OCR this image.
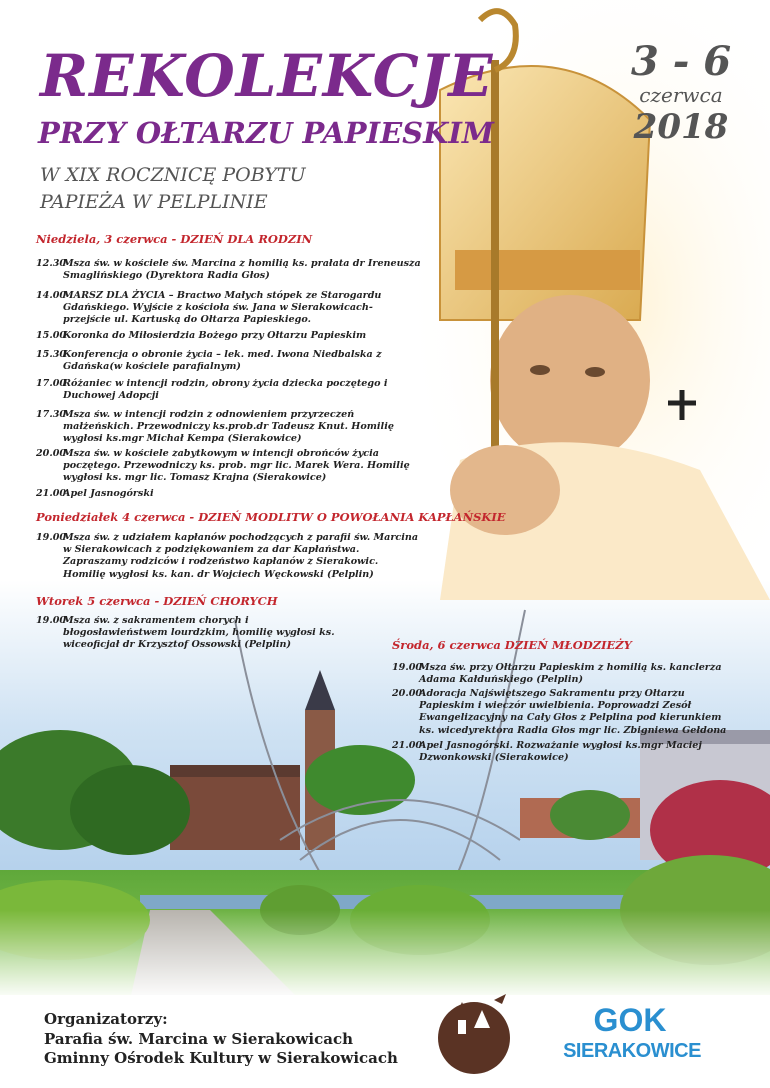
REKOLEKCJE
PRZY OŁTARZU PAPIESKIM
W XIX ROCZNICĘ POBYTU
PAPIEŻA W PELPLINIE
3 - 6
czerwca
2018
Niedziela, 3 czerwca - DZIEŃ DLA RODZIN
12.30Msza św. w kościele św. Marcina z homilią ks. prałata dr Ireneusza Smaglińskiego (Dyrektora Radia Głos)
14.00MARSZ DLA ŻYCIA – Bractwo Małych stópek ze Starogardu Gdańskiego. Wyjście z kościoła św. Jana w Sierakowicach- przejście ul. Kartuską do Ołtarza Papieskiego.
15.00Koronka do Miłosierdzia Bożego przy Ołtarzu Papieskim
15.30Konferencja o obronie życia – lek. med. Iwona Niedbalska z Gdańska(w kościele parafialnym)
17.00Różaniec w intencji rodzin, obrony życia dziecka poczętego i Duchowej Adopcji
17.30Msza św. w intencji rodzin z odnowieniem przyrzeczeń małżeńskich. Przewodniczy ks.prob.dr Tadeusz Knut. Homilię wygłosi ks.mgr Michał Kempa (Sierakowice)
20.00Msza św. w kościele zabytkowym w intencji obrońców życia poczętego. Przewodniczy ks. prob. mgr lic. Marek Wera. Homilię wygłosi ks. mgr lic. Tomasz Krajna (Sierakowice)
21.00Apel Jasnogórski
Poniedziałek 4 czerwca - DZIEŃ MODLITW O POWOŁANIA KAPŁAŃSKIE
19.00Msza św. z udziałem kapłanów pochodzących z parafii św. Marcina w Sierakowicach z podziękowaniem za dar Kapłaństwa. Zapraszamy rodziców i rodzeństwo kapłanów z Sierakowic. Homilię wygłosi ks. kan. dr Wojciech Węckowski (Pelplin)
Wtorek 5 czerwca - DZIEŃ CHORYCH
19.00Msza św. z sakramentem chorych i błogosławieństwem lourdzkim, homilię wygłosi ks. wiceoficjał dr Krzysztof Ossowski (Pelplin)	Środa, 6 czerwca DZIEŃ MŁODZIEŻY
19.00Msza św. przy Ołtarzu Papieskim z homilią ks. kanclerza Adama Kałduńskiego (Pelplin)
20.00Adoracja Najświętszego Sakramentu przy Ołtarzu Papieskim i wieczór uwielbienia. Poprowadzi Zesół Ewangelizacyjny na Cały Głos z Pelplina pod kierunkiem ks. wicedyrektora Radia Głos mgr lic. Zbigniewa Gełdona
21.00Apel Jasnogórski. Rozważanie wygłosi ks.mgr Maciej Dzwonkowski (Sierakowice)
Organizatorzy:
Parafia św. Marcina w Sierakowicach
Gminny Ośrodek Kultury w Sierakowicach
GOK
SIERAKOWICE
